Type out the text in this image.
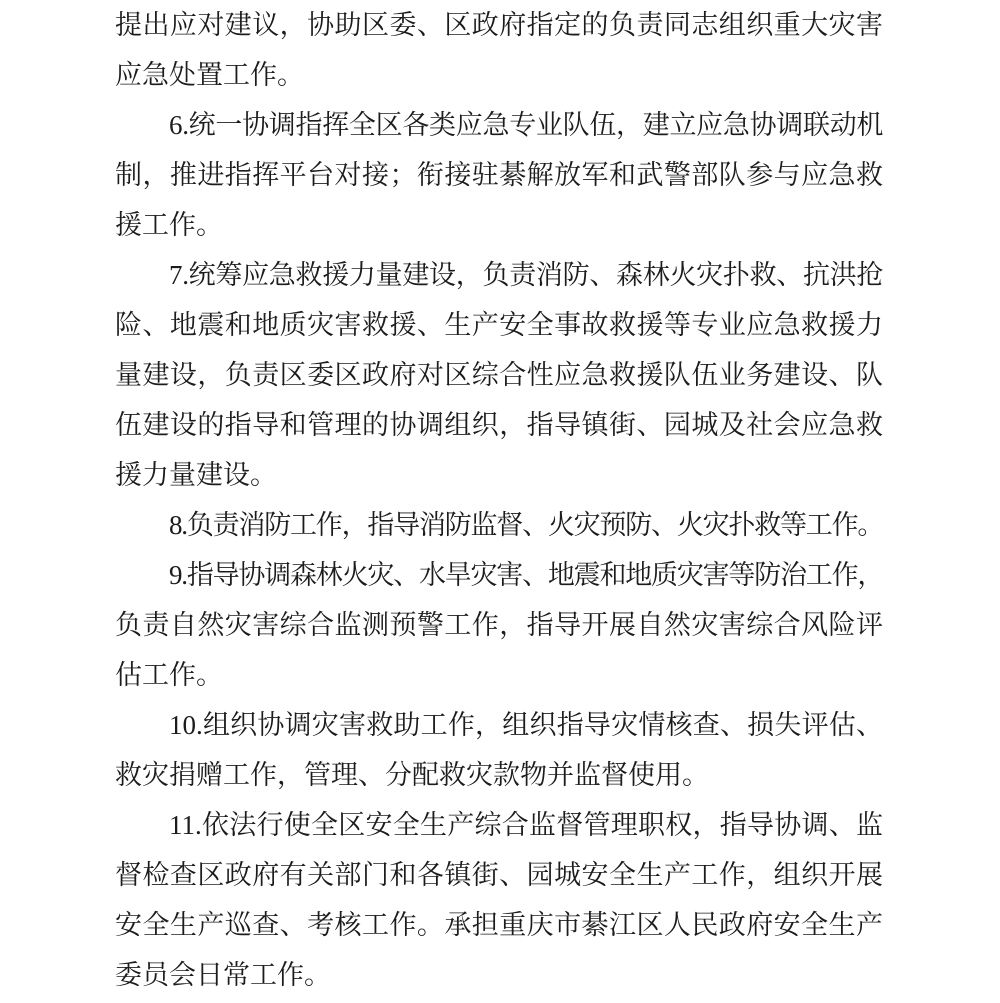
提出应对建议，协助区委、区政府指定的负责同志组织重大灾害
应急处置工作。
6.统一协调指挥全区各类应急专业队伍，建立应急协调联动机
制，推进指挥平台对接；衔接驻綦解放军和武警部队参与应急救
援工作。
7.统筹应急救援力量建设，负责消防、森林火灾扑救、抗洪抢
险、地震和地质灾害救援、生产安全事故救援等专业应急救援力
量建设，负责区委区政府对区综合性应急救援队伍业务建设、队
伍建设的指导和管理的协调组织，指导镇街、园城及社会应急救
援力量建设。
8.负责消防工作，指导消防监督、火灾预防、火灾扑救等工作。
9.指导协调森林火灾、水旱灾害、地震和地质灾害等防治工作，
负责自然灾害综合监测预警工作，指导开展自然灾害综合风险评
估工作。
10.组织协调灾害救助工作，组织指导灾情核查、损失评估、
救灾捐赠工作，管理、分配救灾款物并监督使用。
11.依法行使全区安全生产综合监督管理职权，指导协调、监
督检查区政府有关部门和各镇街、园城安全生产工作，组织开展
安全生产巡查、考核工作。承担重庆市綦江区人民政府安全生产
委员会日常工作。
